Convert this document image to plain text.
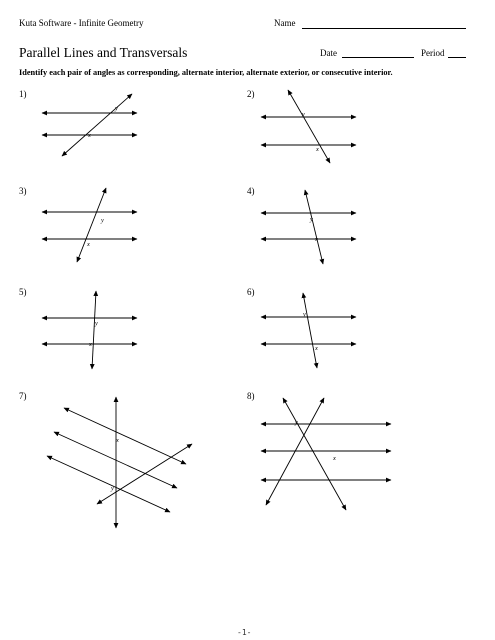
Kuta Software - Infinite Geometry	Name
Parallel Lines and Transversals	Date	Period
Identify each pair of angles as corresponding, alternate interior, alternate exterior, or consecutive interior.
1)	2)
3)	4)
5)	6)
7)	8)
y
x
y
x
y
x
y
x
y
x
y
x
x
y
y
x
-1-
